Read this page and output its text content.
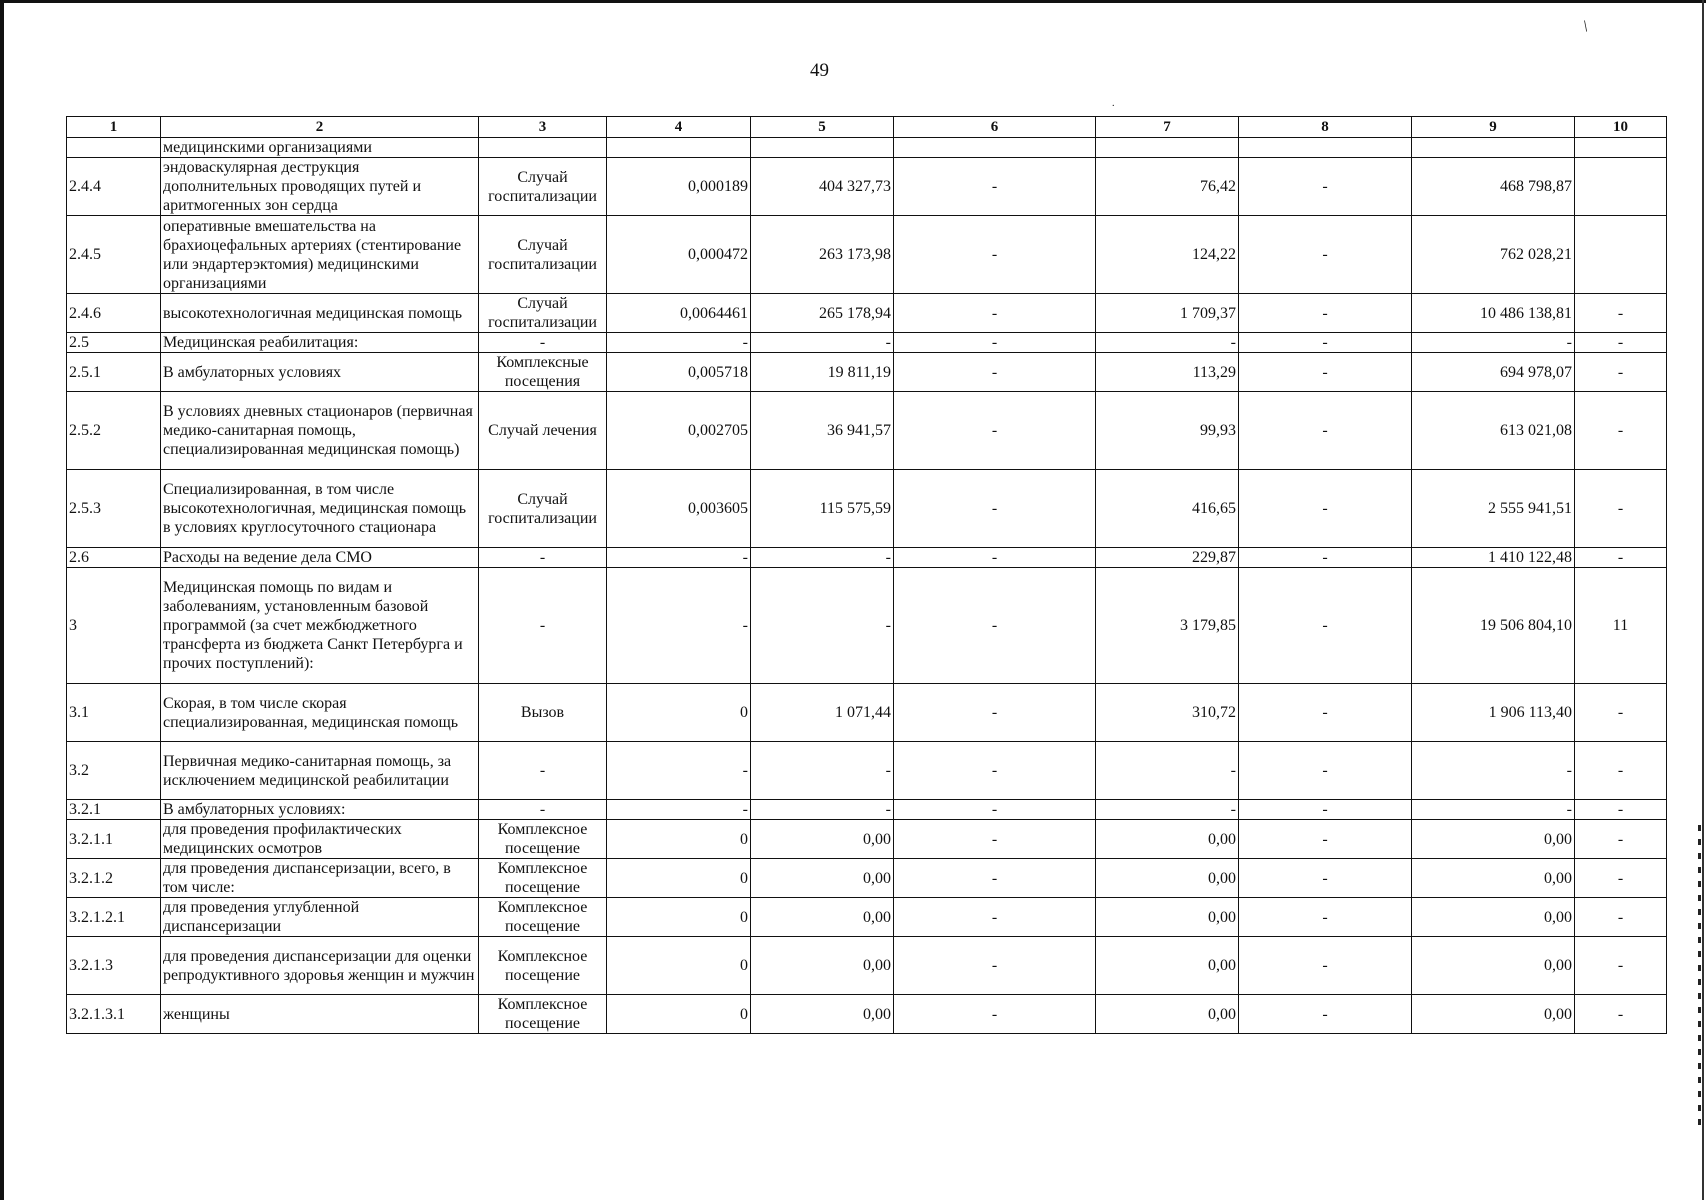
/
.
49
1	2	3	4	5	6	7	8	9	10
	медицинскими организациями								
2.4.4	эндоваскулярная деструкция дополнительных проводящих путей и аритмогенных зон сердца	Случай госпитализации	0,000189	404 327,73	-	76,42	-	468 798,87	
2.4.5	оперативные вмешательства на брахиоцефальных артериях (стентирование или эндартерэктомия) медицинскими организациями	Случай госпитализации	0,000472	263 173,98	-	124,22	-	762 028,21	
2.4.6	высокотехнологичная медицинская помощь	Случай госпитализации	0,0064461	265 178,94	-	1 709,37	-	10 486 138,81	-
2.5	Медицинская реабилитация:	-	-	-	-	-	-	-	-
2.5.1	В амбулаторных условиях	Комплексные посещения	0,005718	19 811,19	-	113,29	-	694 978,07	-
2.5.2	В условиях дневных стационаров (первичная медико-санитарная помощь, специализированная медицинская помощь)	Случай лечения	0,002705	36 941,57	-	99,93	-	613 021,08	-
2.5.3	Специализированная, в том числе высокотехнологичная, медицинская помощь в условиях круглосуточного стационара	Случай госпитализации	0,003605	115 575,59	-	416,65	-	2 555 941,51	-
2.6	Расходы на ведение дела СМО	-	-	-	-	229,87	-	1 410 122,48	-
3	Медицинская помощь по видам и заболеваниям, установленным базовой программой (за счет межбюджетного трансферта из бюджета Санкт Петербурга и прочих поступлений):	-	-	-	-	3 179,85	-	19 506 804,10	11
3.1	Скорая, в том числе скорая специализированная, медицинская помощь	Вызов	0	1 071,44	-	310,72	-	1 906 113,40	-
3.2	Первичная медико-санитарная помощь, за исключением медицинской реабилитации	-	-	-	-	-	-	-	-
3.2.1	В амбулаторных условиях:	-	-	-	-	-	-	-	-
3.2.1.1	для проведения профилактических медицинских осмотров	Комплексное посещение	0	0,00	-	0,00	-	0,00	-
3.2.1.2	для проведения диспансеризации, всего, в том числе:	Комплексное посещение	0	0,00	-	0,00	-	0,00	-
3.2.1.2.1	для проведения углубленной диспансеризации	Комплексное посещение	0	0,00	-	0,00	-	0,00	-
3.2.1.3	для проведения диспансеризации для оценки репродуктивного здоровья женщин и мужчин	Комплексное посещение	0	0,00	-	0,00	-	0,00	-
3.2.1.3.1	женщины	Комплексное посещение	0	0,00	-	0,00	-	0,00	-
